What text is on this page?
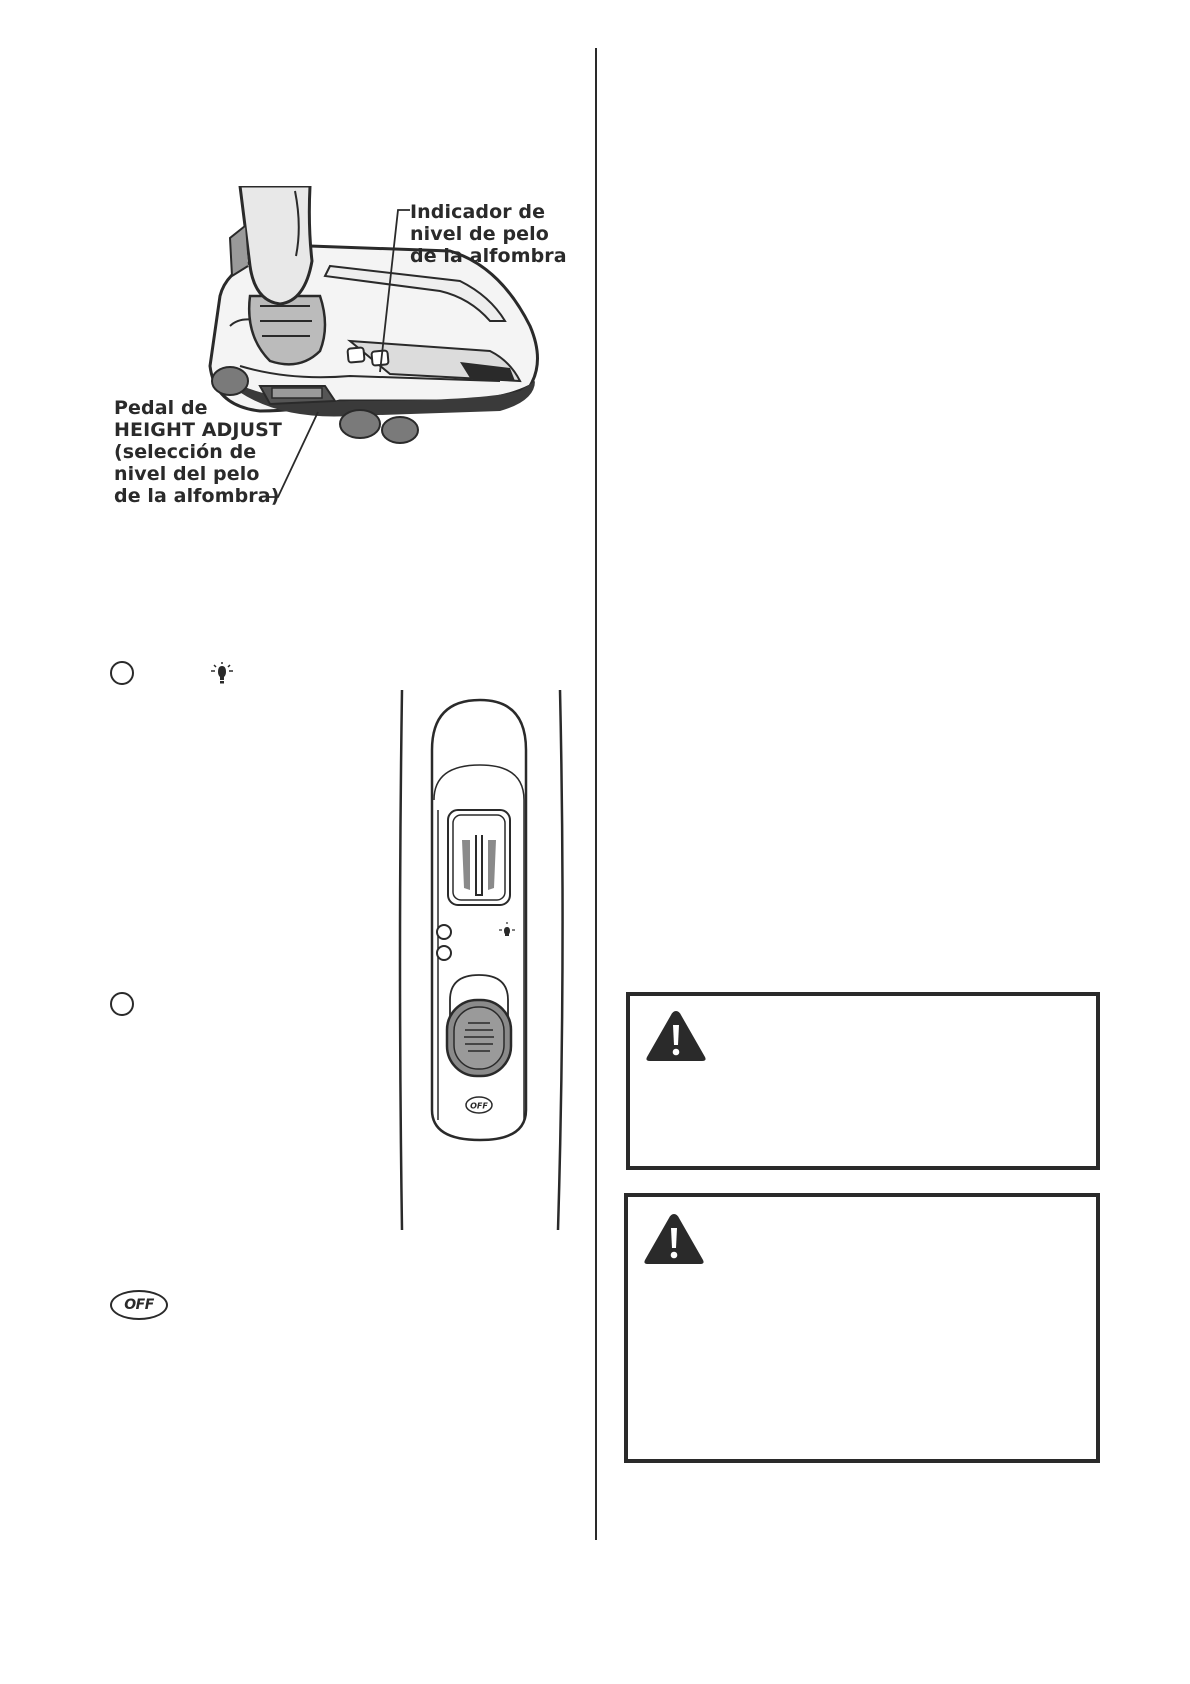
Indicador de
nivel de pelo
de la alfombra
Pedal de
HEIGHT ADJUST
(selección de
nivel del pelo
de la alfombra)
OFF
OFF
